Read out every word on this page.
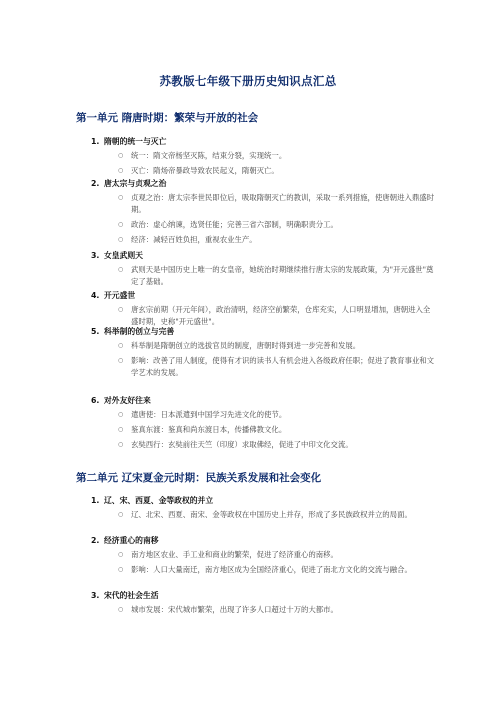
苏教版七年级下册历史知识点汇总
第一单元 隋唐时期：繁荣与开放的社会
1. 隋朝的统一与灭亡
○ 统一：隋文帝杨坚灭陈，结束分裂，实现统一。
○ 灭亡：隋炀帝暴政导致农民起义，隋朝灭亡。
2. 唐太宗与贞观之治
○ 贞观之治：唐太宗李世民即位后，吸取隋朝灭亡的教训，采取一系列措施，使唐朝进入鼎盛时期。
○ 政治：虚心纳谏，选贤任能；完善三省六部制，明确职责分工。
○ 经济：减轻百姓负担，重视农业生产。
3. 女皇武则天
○ 武则天是中国历史上唯一的女皇帝，她统治时期继续推行唐太宗的发展政策，为"开元盛世"奠定了基础。
4. 开元盛世
○ 唐玄宗前期（开元年间），政治清明，经济空前繁荣，仓库充实，人口明显增加，唐朝进入全盛时期，史称"开元盛世"。
5. 科举制的创立与完善
○ 科举制是隋朝创立的选拔官员的制度，唐朝时得到进一步完善和发展。
○ 影响：改善了用人制度，使得有才识的读书人有机会进入各级政府任职；促进了教育事业和文学艺术的发展。
6. 对外友好往来
○ 遣唐使：日本派遣到中国学习先进文化的使节。
○ 鉴真东渡：鉴真和尚东渡日本，传播佛教文化。
○ 玄奘西行：玄奘前往天竺（印度）求取佛经，促进了中印文化交流。
第二单元 辽宋夏金元时期：民族关系发展和社会变化
1. 辽、宋、西夏、金等政权的并立
○ 辽、北宋、西夏、南宋、金等政权在中国历史上并存，形成了多民族政权并立的局面。
2. 经济重心的南移
○ 南方地区农业、手工业和商业的繁荣，促进了经济重心的南移。
○ 影响：人口大量南迁，南方地区成为全国经济重心，促进了南北方文化的交流与融合。
3. 宋代的社会生活
○ 城市发展：宋代城市繁荣，出现了许多人口超过十万的大都市。
